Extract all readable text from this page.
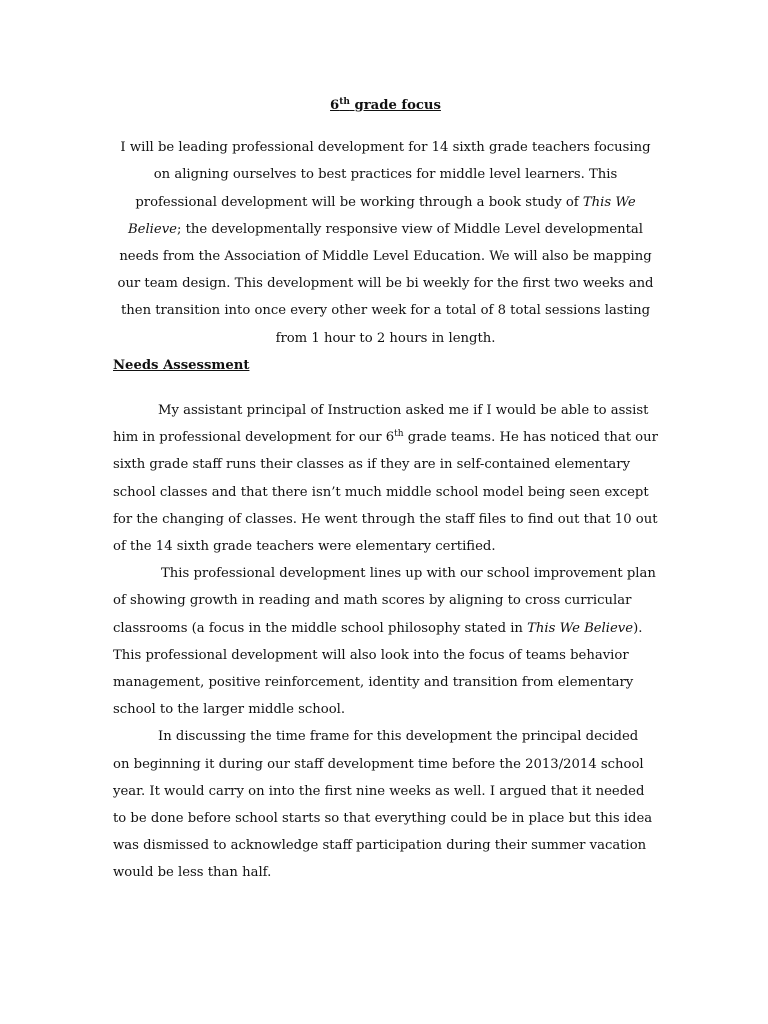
6th grade focus

I will be leading professional development for 14 sixth grade teachers focusing on aligning ourselves to best practices for middle level learners. This professional development will be working through a book study of This We Believe; the developmentally responsive view of Middle Level developmental needs from the Association of Middle Level Education. We will also be mapping our team design. This development will be bi weekly for the first two weeks and then transition into once every other week for a total of 8 total sessions lasting from 1 hour to 2 hours in length.

Needs Assessment

My assistant principal of Instruction asked me if I would be able to assist him in professional development for our 6th grade teams. He has noticed that our sixth grade staff runs their classes as if they are in self-contained elementary school classes and that there isn’t much middle school model being seen except for the changing of classes. He went through the staff files to find out that 10 out of the 14 sixth grade teachers were elementary certified.

This professional development lines up with our school improvement plan of showing growth in reading and math scores by aligning to cross curricular classrooms (a focus in the middle school philosophy stated in This We Believe). This professional development will also look into the focus of teams behavior management, positive reinforcement, identity and transition from elementary school to the larger middle school.

In discussing the time frame for this development the principal decided on beginning it during our staff development time before the 2013/2014 school year. It would carry on into the first nine weeks as well. I argued that it needed to be done before school starts so that everything could be in place but this idea was dismissed to acknowledge staff participation during their summer vacation would be less than half.
